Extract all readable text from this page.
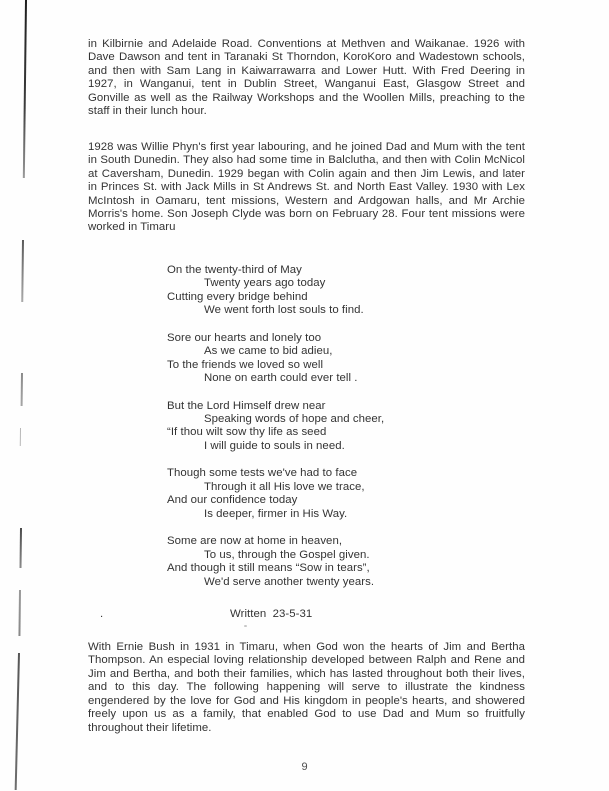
in Kilbirnie and Adelaide Road. Conventions at Methven and Waikanae. 1926 with Dave Dawson and tent in Taranaki St Thorndon, KoroKoro and Wadestown schools, and then with Sam Lang in Kaiwarrawarra and Lower Hutt. With Fred Deering in 1927, in Wanganui, tent in Dublin Street, Wanganui East, Glasgow Street and Gonville as well as the Railway Workshops and the Woollen Mills, preaching to the staff in their lunch hour.

1928 was Willie Phyn's first year labouring, and he joined Dad and Mum with the tent in South Dunedin. They also had some time in Balclutha, and then with Colin McNicol at Caversham, Dunedin. 1929 began with Colin again and then Jim Lewis, and later in Princes St. with Jack Mills in St Andrews St. and North East Valley. 1930 with Lex McIntosh in Oamaru, tent missions, Western and Ardgowan halls, and Mr Archie Morris's home. Son Joseph Clyde was born on February 28. Four tent missions were worked in Timaru

On the twenty-third of May
Twenty years ago today
Cutting every bridge behind
We went forth lost souls to find.
Sore our hearts and lonely too
As we came to bid adieu,
To the friends we loved so well
None on earth could ever tell .
But the Lord Himself drew near
Speaking words of hope and cheer,
“If thou wilt sow thy life as seed
I will guide to souls in need.
Though some tests we've had to face
Through it all His love we trace,
And our confidence today
Is deeper, firmer in His Way.
Some are now at home in heaven,
To us, through the Gospel given.
And though it still means “Sow in tears”,
We'd serve another twenty years.
.	Written  23-5-31

With Ernie Bush in 1931 in Timaru, when God won the hearts of Jim and Bertha Thompson. An especial loving relationship developed between Ralph and Rene and Jim and Bertha, and both their families, which has lasted throughout both their lives, and to this day. The following happening will serve to illustrate the kindness engendered by the love for God and His kingdom in people's hearts, and showered freely upon us as a family, that enabled God to use Dad and Mum so fruitfully throughout their lifetime.

9
